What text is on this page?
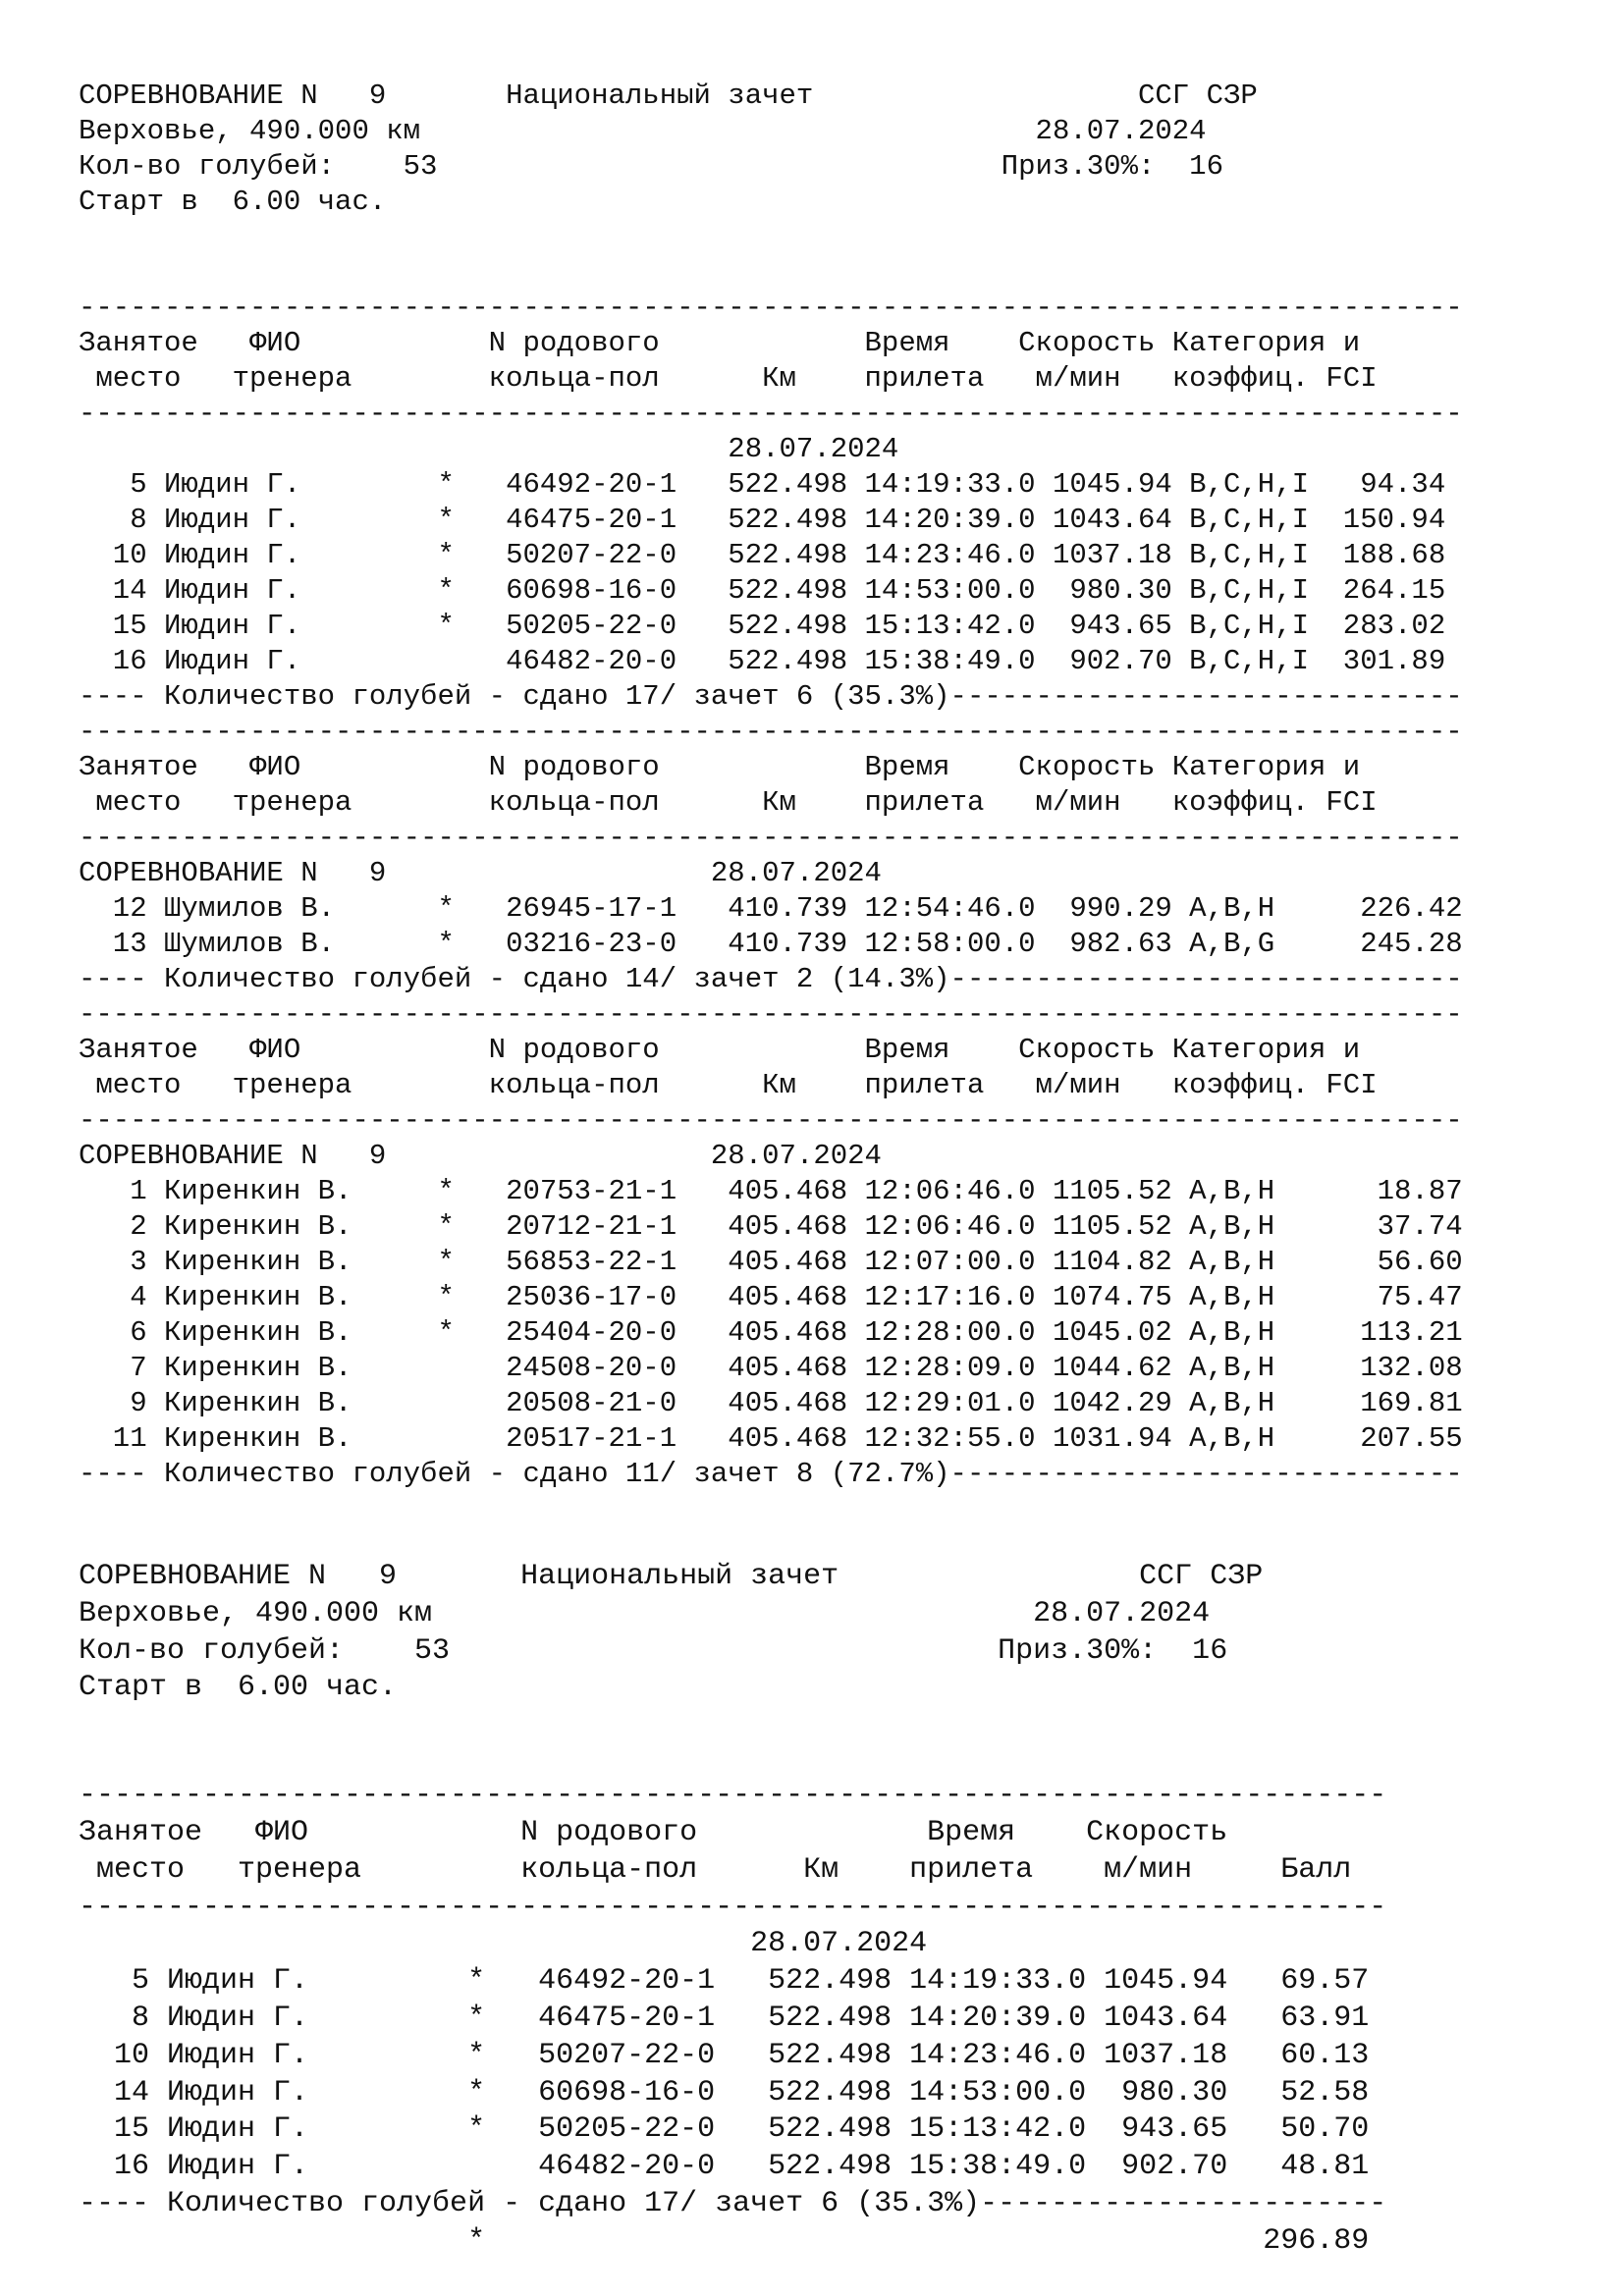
СОРЕВНОВАНИЕ N   9       Национальный зачет                   ССГ СЗР
Верховье, 490.000 км                                    28.07.2024
Кол-во голубей:    53                                 Приз.30%:  16
Старт в  6.00 час.
---------------------------------------------------------------------------------
Занятое   ФИО           N родового            Время    Скорость Категория и
место   тренера        кольца-пол      Км    прилета   м/мин   коэффиц. FCI
---------------------------------------------------------------------------------
28.07.2024
5 Июдин Г.        *   46492-20-1   522.498 14:19:33.0 1045.94 B,C,H,I   94.34
8 Июдин Г.        *   46475-20-1   522.498 14:20:39.0 1043.64 B,C,H,I  150.94
10 Июдин Г.        *   50207-22-0   522.498 14:23:46.0 1037.18 B,C,H,I  188.68
14 Июдин Г.        *   60698-16-0   522.498 14:53:00.0  980.30 B,C,H,I  264.15
15 Июдин Г.        *   50205-22-0   522.498 15:13:42.0  943.65 B,C,H,I  283.02
16 Июдин Г.            46482-20-0   522.498 15:38:49.0  902.70 B,C,H,I  301.89
---- Количество голубей - сдано 17/ зачет 6 (35.3%)------------------------------
---------------------------------------------------------------------------------
Занятое   ФИО           N родового            Время    Скорость Категория и
место   тренера        кольца-пол      Км    прилета   м/мин   коэффиц. FCI
---------------------------------------------------------------------------------
СОРЕВНОВАНИЕ N   9                   28.07.2024
12 Шумилов В.      *   26945-17-1   410.739 12:54:46.0  990.29 A,B,H     226.42
13 Шумилов В.      *   03216-23-0   410.739 12:58:00.0  982.63 A,B,G     245.28
---- Количество голубей - сдано 14/ зачет 2 (14.3%)------------------------------
---------------------------------------------------------------------------------
Занятое   ФИО           N родового            Время    Скорость Категория и
место   тренера        кольца-пол      Км    прилета   м/мин   коэффиц. FCI
---------------------------------------------------------------------------------
СОРЕВНОВАНИЕ N   9                   28.07.2024
1 Киренкин В.     *   20753-21-1   405.468 12:06:46.0 1105.52 A,B,H      18.87
2 Киренкин В.     *   20712-21-1   405.468 12:06:46.0 1105.52 A,B,H      37.74
3 Киренкин В.     *   56853-22-1   405.468 12:07:00.0 1104.82 A,B,H      56.60
4 Киренкин В.     *   25036-17-0   405.468 12:17:16.0 1074.75 A,B,H      75.47
6 Киренкин В.     *   25404-20-0   405.468 12:28:00.0 1045.02 A,B,H     113.21
7 Киренкин В.         24508-20-0   405.468 12:28:09.0 1044.62 A,B,H     132.08
9 Киренкин В.         20508-21-0   405.468 12:29:01.0 1042.29 A,B,H     169.81
11 Киренкин В.         20517-21-1   405.468 12:32:55.0 1031.94 A,B,H     207.55
---- Количество голубей - сдано 11/ зачет 8 (72.7%)------------------------------
СОРЕВНОВАНИЕ N   9       Национальный зачет                 ССГ СЗР
Верховье, 490.000 км                                  28.07.2024
Кол-во голубей:    53                               Приз.30%:  16
Старт в  6.00 час.
--------------------------------------------------------------------------
Занятое   ФИО            N родового             Время    Скорость
место   тренера         кольца-пол      Км    прилета    м/мин     Балл
--------------------------------------------------------------------------
28.07.2024
5 Июдин Г.         *   46492-20-1   522.498 14:19:33.0 1045.94   69.57
8 Июдин Г.         *   46475-20-1   522.498 14:20:39.0 1043.64   63.91
10 Июдин Г.         *   50207-22-0   522.498 14:23:46.0 1037.18   60.13
14 Июдин Г.         *   60698-16-0   522.498 14:53:00.0  980.30   52.58
15 Июдин Г.         *   50205-22-0   522.498 15:13:42.0  943.65   50.70
16 Июдин Г.             46482-20-0   522.498 15:38:49.0  902.70   48.81
---- Количество голубей - сдано 17/ зачет 6 (35.3%)-----------------------
*                                            296.89
